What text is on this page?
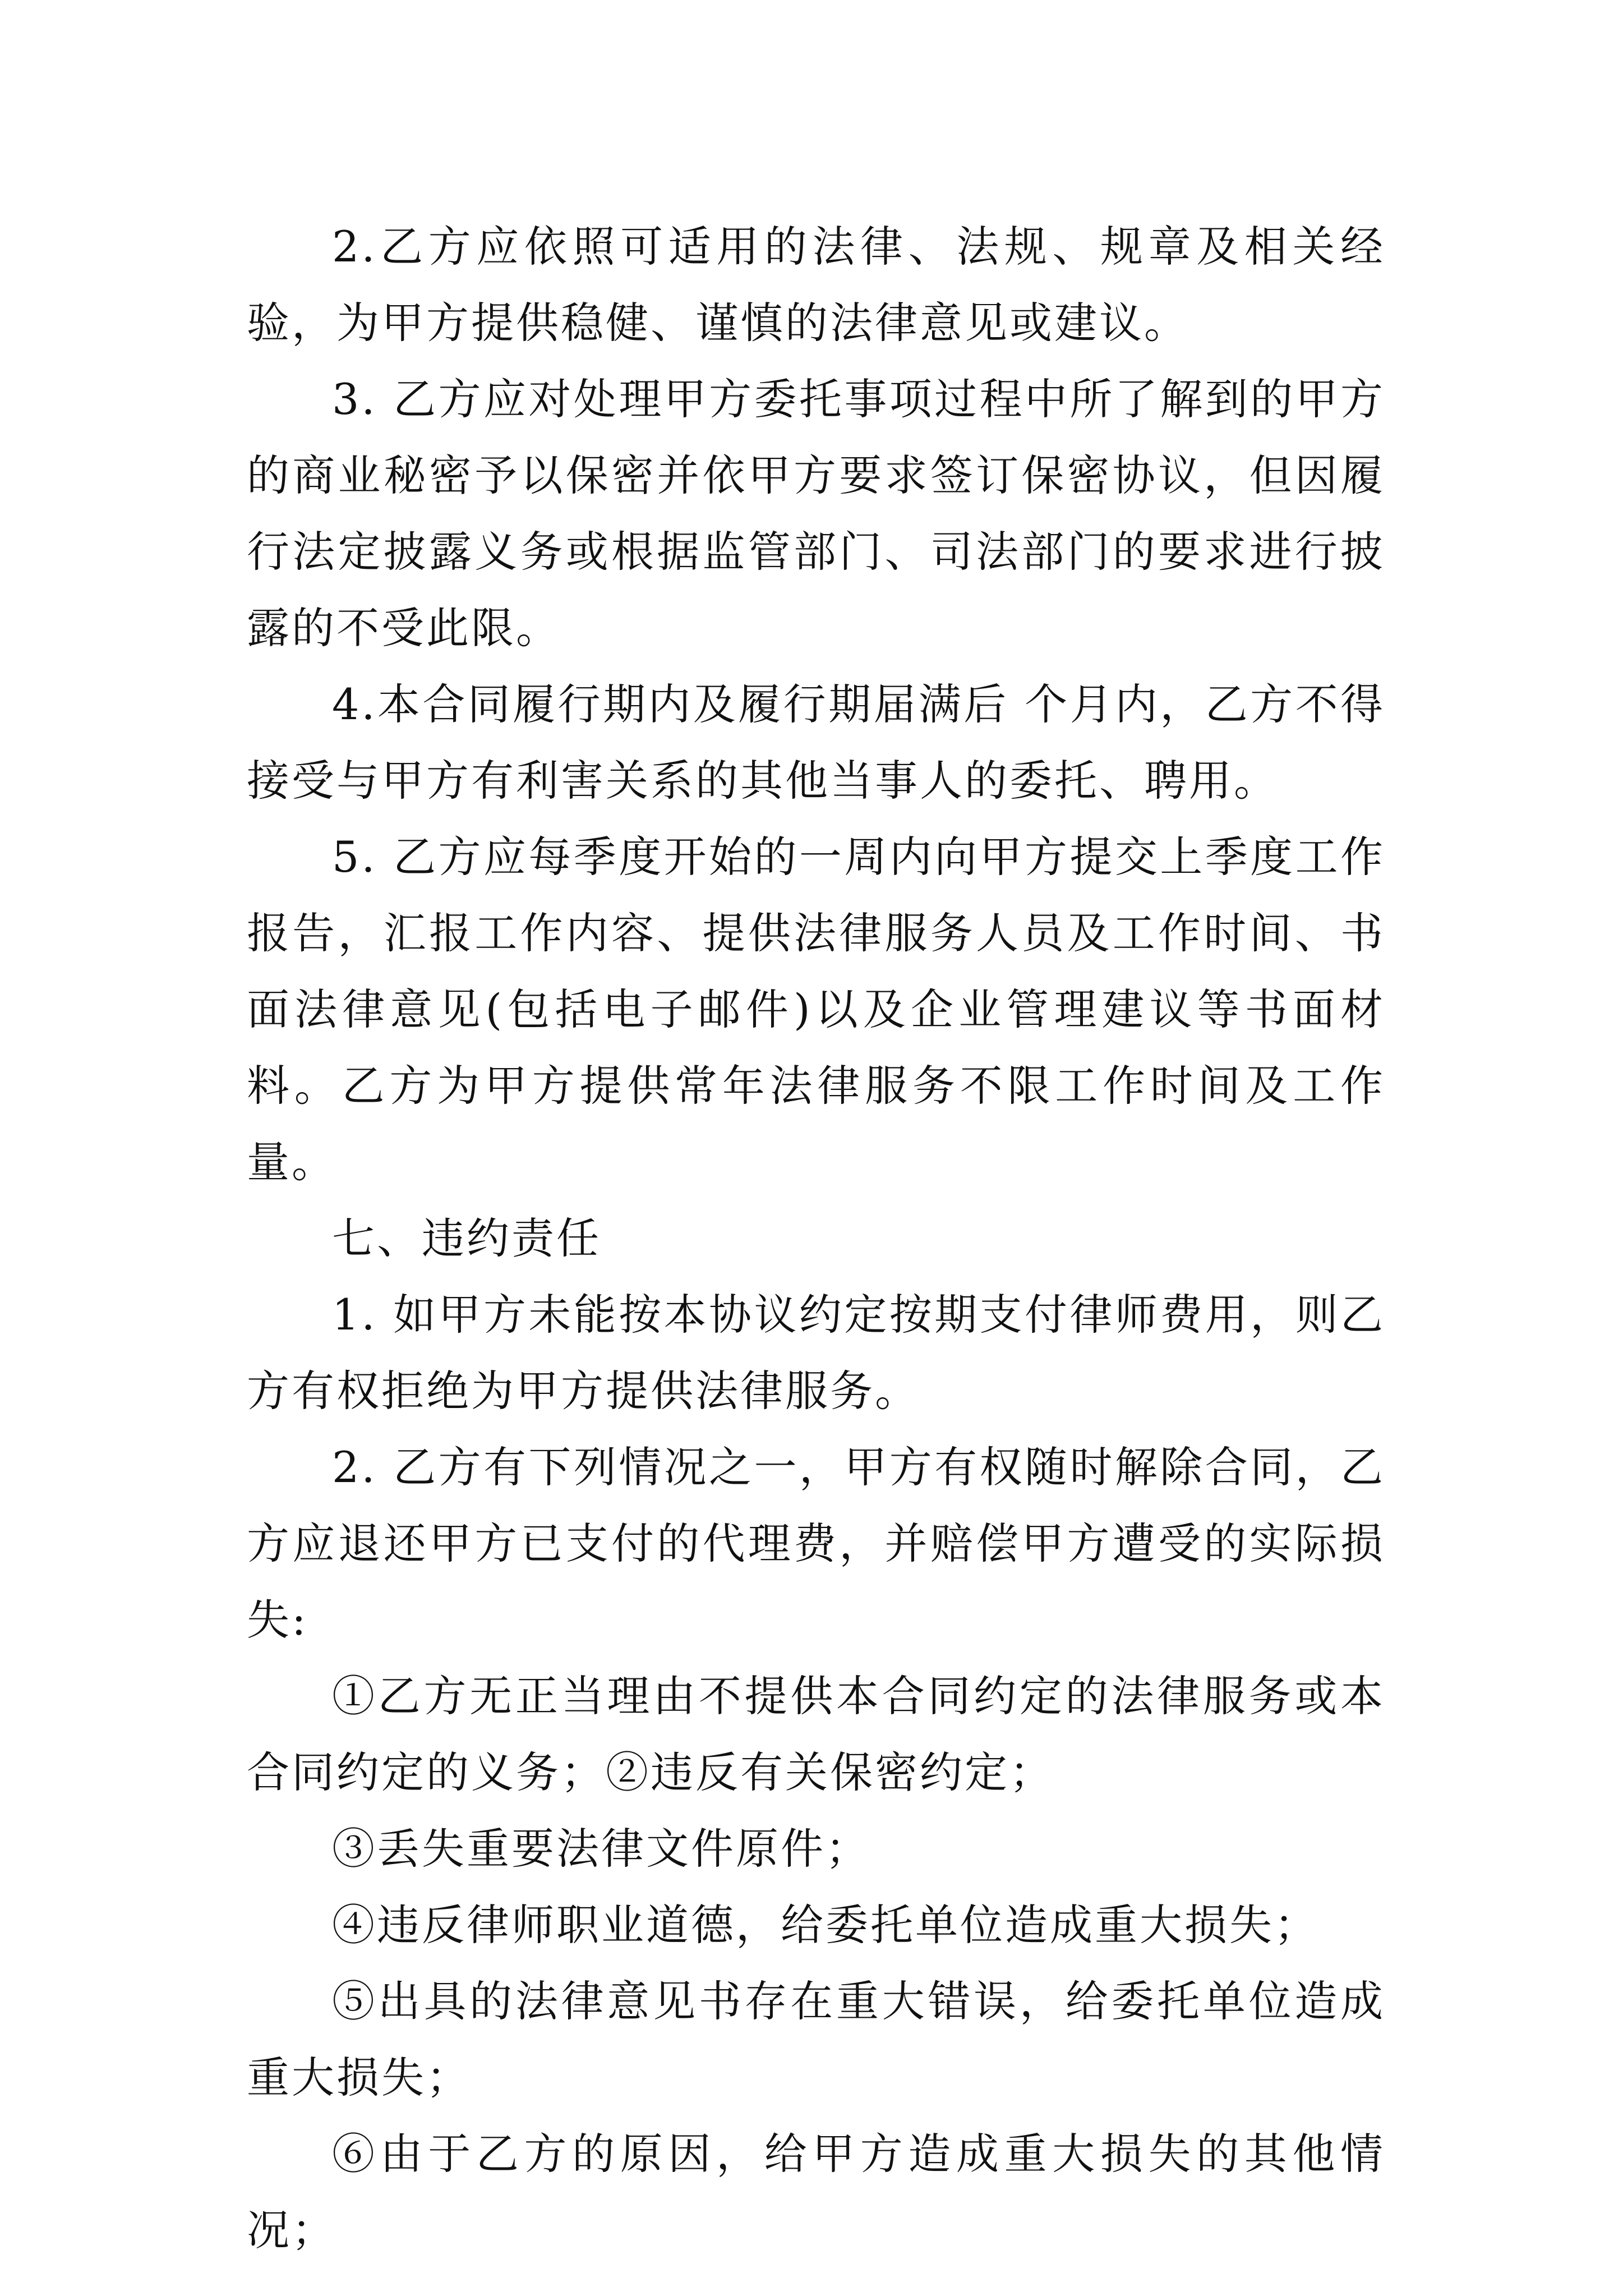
2.乙方应依照可适用的法律、法规、规章及相关经验，为甲方提供稳健、谨慎的法律意见或建议。

3. 乙方应对处理甲方委托事项过程中所了解到的甲方的商业秘密予以保密并依甲方要求签订保密协议，但因履行法定披露义务或根据监管部门、司法部门的要求进行披露的不受此限。

4.本合同履行期内及履行期届满后 个月内，乙方不得接受与甲方有利害关系的其他当事人的委托、聘用。

5. 乙方应每季度开始的一周内向甲方提交上季度工作报告，汇报工作内容、提供法律服务人员及工作时间、书面法律意见(包括电子邮件)以及企业管理建议等书面材料。乙方为甲方提供常年法律服务不限工作时间及工作量。

七、违约责任

1. 如甲方未能按本协议约定按期支付律师费用，则乙方有权拒绝为甲方提供法律服务。

2. 乙方有下列情况之一，甲方有权随时解除合同，乙方应退还甲方已支付的代理费，并赔偿甲方遭受的实际损失:

①乙方无正当理由不提供本合同约定的法律服务或本合同约定的义务；②违反有关保密约定；

③丢失重要法律文件原件；

④违反律师职业道德，给委托单位造成重大损失；

⑤出具的法律意见书存在重大错误，给委托单位造成重大损失；

⑥由于乙方的原因，给甲方造成重大损失的其他情况；
